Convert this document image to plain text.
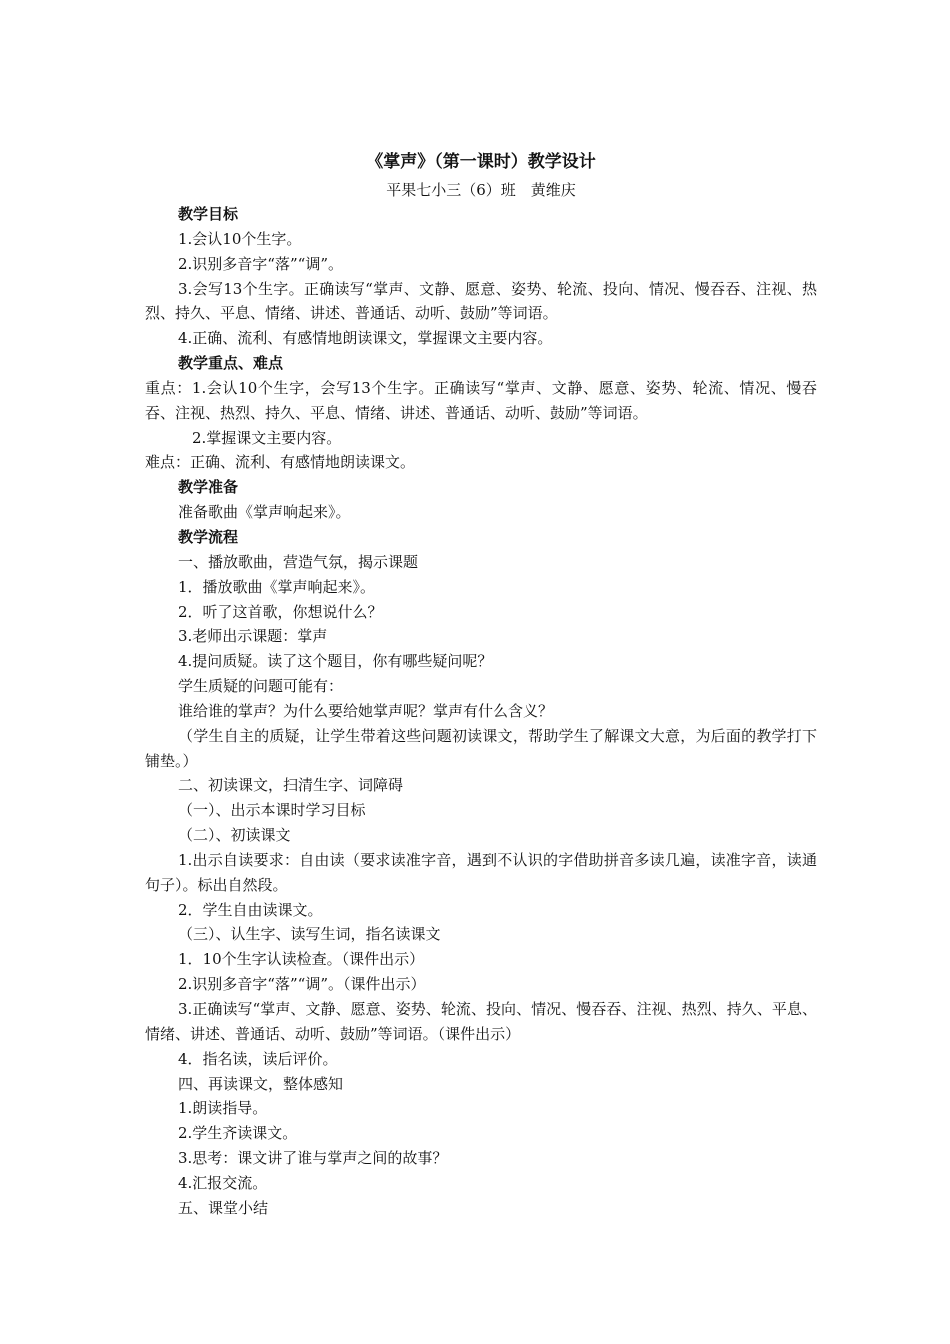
《掌声》（第一课时）教学设计
平果七小三（6）班　黄维庆
教学目标
1.会认10个生字。
2.识别多音字“落”“调”。
3.会写13个生字。正确读写“掌声、文静、愿意、姿势、轮流、投向、情况、慢吞吞、注视、热烈、持久、平息、情绪、讲述、普通话、动听、鼓励”等词语。
4.正确、流利、有感情地朗读课文，掌握课文主要内容。
教学重点、难点
重点：1.会认10个生字，会写13个生字。正确读写“掌声、文静、愿意、姿势、轮流、情况、慢吞吞、注视、热烈、持久、平息、情绪、讲述、普通话、动听、鼓励”等词语。
2.掌握课文主要内容。
难点：正确、流利、有感情地朗读课文。
教学准备
准备歌曲《掌声响起来》。
教学流程
一、播放歌曲，营造气氛，揭示课题
1．播放歌曲《掌声响起来》。
2．听了这首歌，你想说什么？
3.老师出示课题：掌声
4.提问质疑。读了这个题目，你有哪些疑问呢？
学生质疑的问题可能有：
谁给谁的掌声？为什么要给她掌声呢？掌声有什么含义？
（学生自主的质疑，让学生带着这些问题初读课文，帮助学生了解课文大意，为后面的教学打下铺垫。）
二、初读课文，扫清生字、词障碍
（一）、出示本课时学习目标
（二）、初读课文
1.出示自读要求：自由读（要求读准字音，遇到不认识的字借助拼音多读几遍，读准字音，读通句子）。标出自然段。
2．学生自由读课文。
（三）、认生字、读写生词，指名读课文
1．10个生字认读检查。（课件出示）
2.识别多音字“落”“调”。（课件出示）
3.正确读写“掌声、文静、愿意、姿势、轮流、投向、情况、慢吞吞、注视、热烈、持久、平息、情绪、讲述、普通话、动听、鼓励”等词语。（课件出示）
4．指名读，读后评价。
四、再读课文，整体感知
1.朗读指导。
2.学生齐读课文。
3.思考：课文讲了谁与掌声之间的故事？
4.汇报交流。
五、课堂小结
